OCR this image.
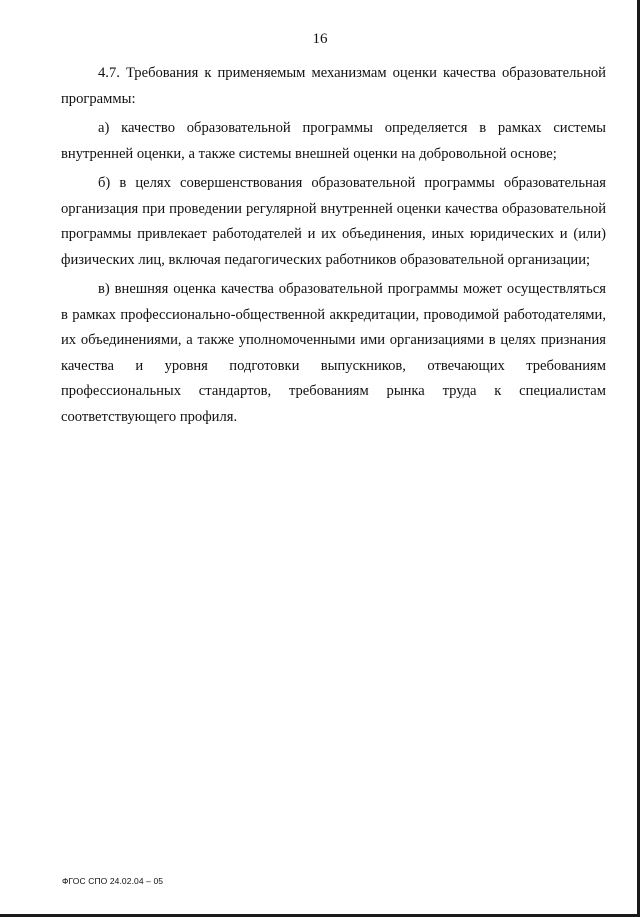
16

4.7. Требования к применяемым механизмам оценки качества образовательной программы:

а) качество образовательной программы определяется в рамках системы внутренней оценки, а также системы внешней оценки на добровольной основе;

б) в целях совершенствования образовательной программы образовательная организация при проведении регулярной внутренней оценки качества образовательной программы привлекает работодателей и их объединения, иных юридических и (или) физических лиц, включая педагогических работников образовательной организации;

в) внешняя оценка качества образовательной программы может осуществляться в рамках профессионально-общественной аккредитации, проводимой работодателями, их объединениями, а также уполномоченными ими организациями в целях признания качества и уровня подготовки выпускников, отвечающих требованиям профессиональных стандартов, требованиям рынка труда к специалистам соответствующего профиля.

ФГОС СПО 24.02.04 – 05
